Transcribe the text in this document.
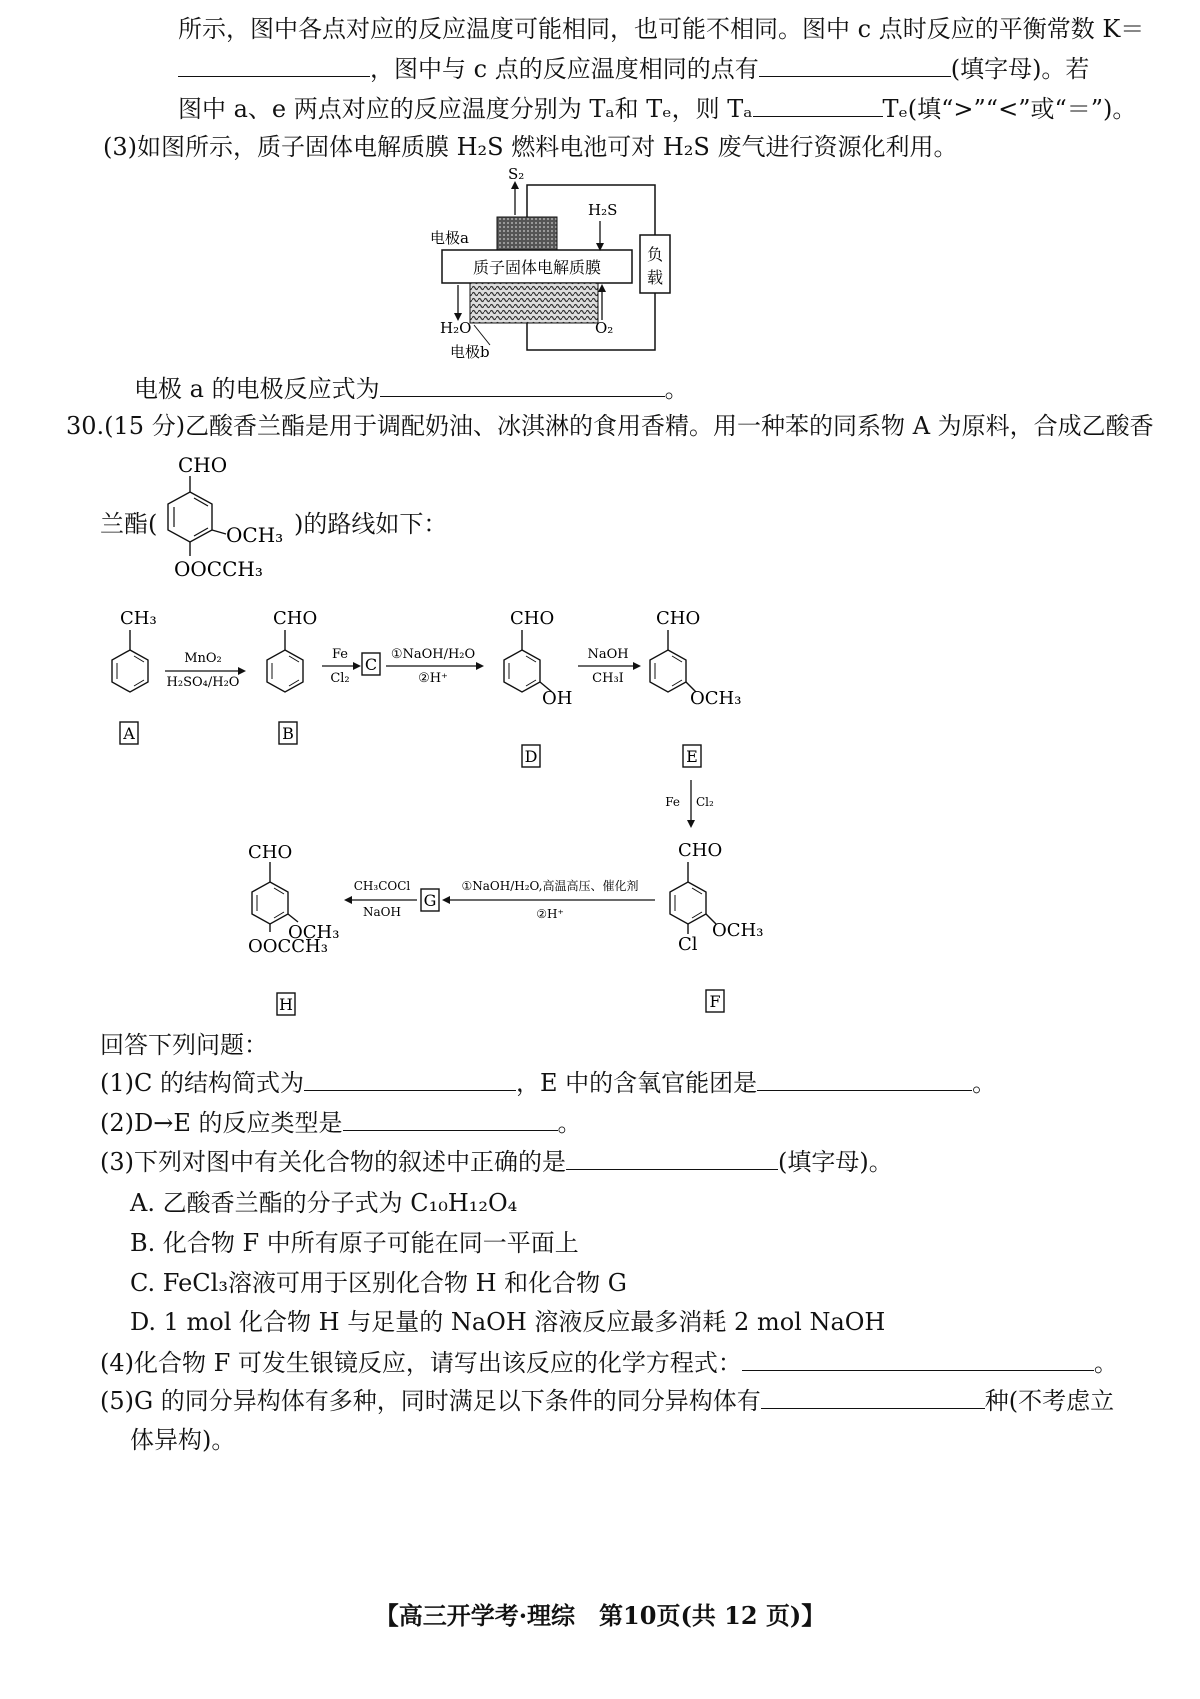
所示，图中各点对应的反应温度可能相同，也可能不相同。图中 c 点时反应的平衡常数 K＝
，图中与 c 点的反应温度相同的点有	(填字母)。若
图中 a、e 两点对应的反应温度分别为 Tₐ和 Tₑ，则 Tₐ	Tₑ(填“>”“<”或“＝”)。
(3)如图所示，质子固体电解质膜 H₂S 燃料电池可对 H₂S 废气进行资源化利用。
负
载
质子固体电解质膜
S₂
H₂S
电极a
H₂O	O₂
电极b
电极 a 的电极反应式为	。
30.(15 分)乙酸香兰酯是用于调配奶油、冰淇淋的食用香精。用一种苯的同系物 A 为原料，合成乙酸香
兰酯(	)的路线如下：
CHO
OCH₃
OOCCH₃
CH₃
MnO₂
H₂SO₄/H₂O
CHO
Fe
Cl₂
C
①NaOH/H₂O
②H⁺
CHO
OH
NaOH
CH₃I
CHO
OCH₃
A	B
D	E
Fe Cl₂
CHO
OCH₃
Cl
F
①NaOH/H₂O,高温高压、催化剂
②H⁺
G
CH₃COCl
NaOH
CHO
OCH₃
OOCCH₃
H
回答下列问题：
(1)C 的结构简式为	，E 中的含氧官能团是	。
(2)D→E 的反应类型是	。
(3)下列对图中有关化合物的叙述中正确的是	(填字母)。
A. 乙酸香兰酯的分子式为 C₁₀H₁₂O₄
B. 化合物 F 中所有原子可能在同一平面上
C. FeCl₃溶液可用于区别化合物 H 和化合物 G
D. 1 mol 化合物 H 与足量的 NaOH 溶液反应最多消耗 2 mol NaOH
(4)化合物 F 可发生银镜反应，请写出该反应的化学方程式：	。
(5)G 的同分异构体有多种，同时满足以下条件的同分异构体有	种(不考虑立
体异构)。
【高三开学考·理综　第10页(共 12 页)】
